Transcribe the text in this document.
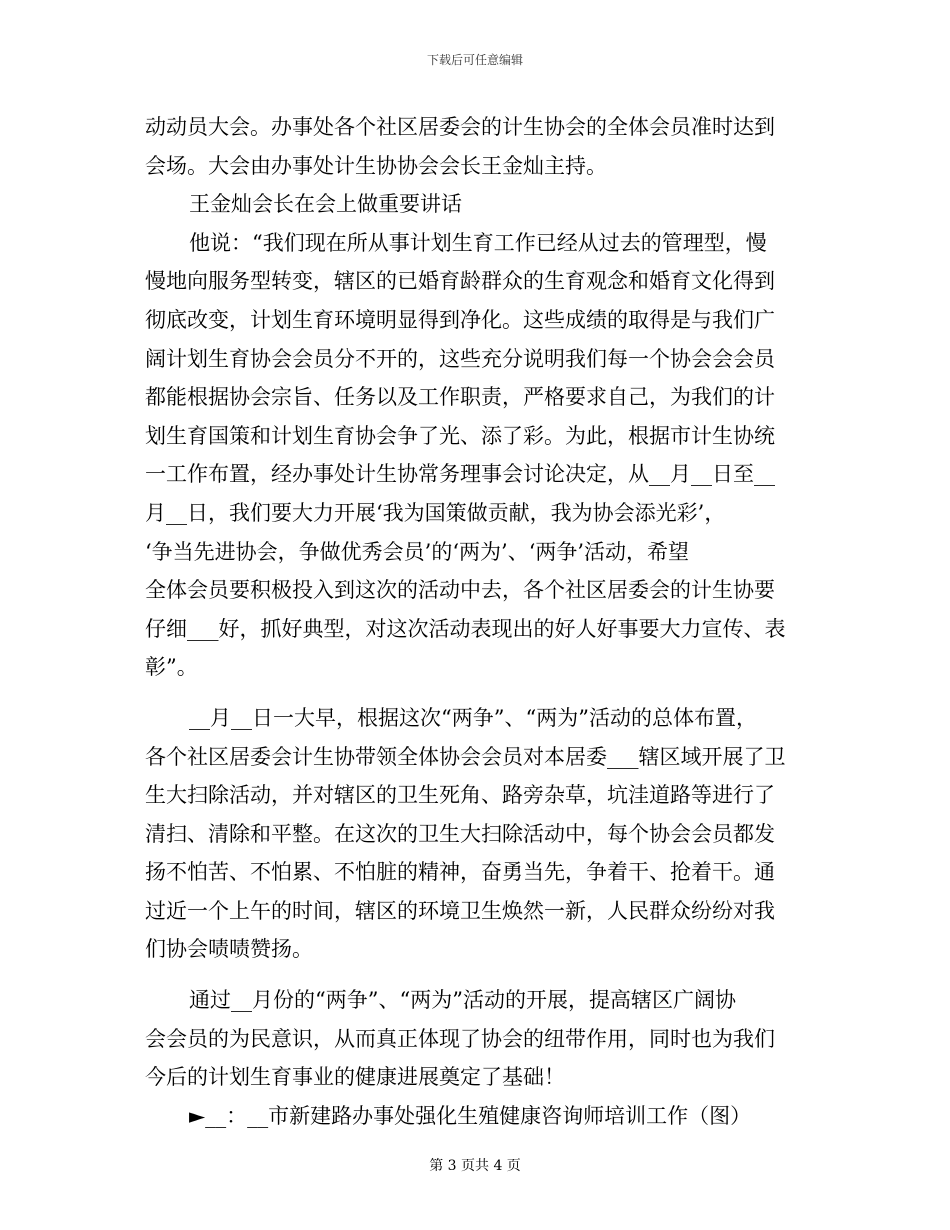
下载后可任意编辑
动动员大会。办事处各个社区居委会的计生协会的全体会员准时达到
会场。大会由办事处计生协协会会长王金灿主持。
王金灿会长在会上做重要讲话
他说：“我们现在所从事计划生育工作已经从过去的管理型，慢
慢地向服务型转变，辖区的已婚育龄群众的生育观念和婚育文化得到
彻底改变，计划生育环境明显得到净化。这些成绩的取得是与我们广
阔计划生育协会会员分不开的，这些充分说明我们每一个协会会会员
都能根据协会宗旨、任务以及工作职责，严格要求自己，为我们的计
划生育国策和计划生育协会争了光、添了彩。为此，根据市计生协统
一工作布置，经办事处计生协常务理事会讨论决定，从__月__日至__
月__日，我们要大力开展‘我为国策做贡献，我为协会添光彩’，
‘争当先进协会，争做优秀会员’的‘两为’、‘两争’活动，希望
全体会员要积极投入到这次的活动中去，各个社区居委会的计生协要
仔细___好，抓好典型，对这次活动表现出的好人好事要大力宣传、表
彰”。
__月__日一大早，根据这次“两争”、“两为”活动的总体布置，
各个社区居委会计生协带领全体协会会员对本居委___辖区域开展了卫
生大扫除活动，并对辖区的卫生死角、路旁杂草，坑洼道路等进行了
清扫、清除和平整。在这次的卫生大扫除活动中，每个协会会员都发
扬不怕苦、不怕累、不怕脏的精神，奋勇当先，争着干、抢着干。通
过近一个上午的时间，辖区的环境卫生焕然一新，人民群众纷纷对我
们协会啧啧赞扬。
通过__月份的“两争”、“两为”活动的开展，提高辖区广阔协
会会员的为民意识，从而真正体现了协会的纽带作用，同时也为我们
今后的计划生育事业的健康进展奠定了基础！
►__：__市新建路办事处强化生殖健康咨询师培训工作（图）
第 3 页共 4 页
